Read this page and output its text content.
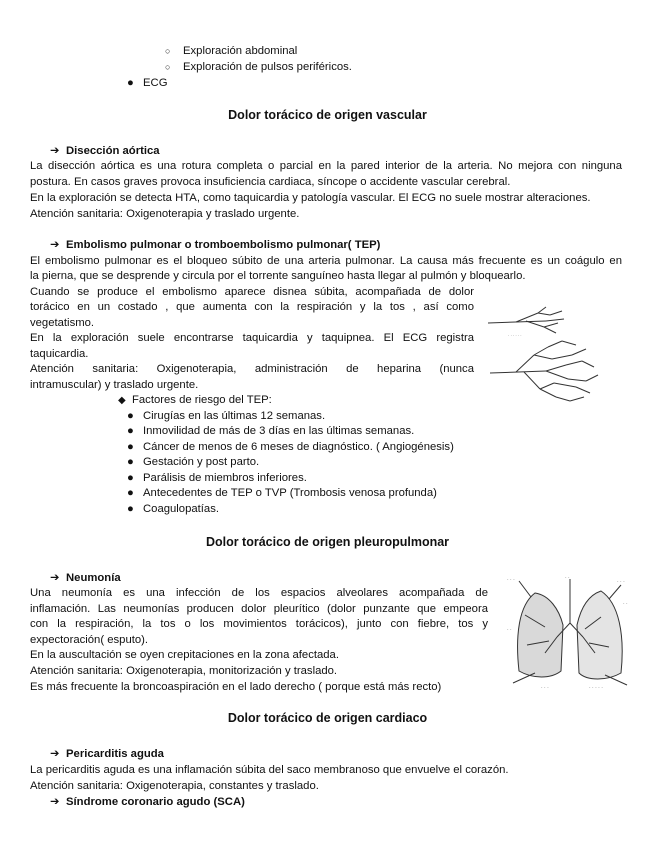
○ Exploración abdominal
○ Exploración de pulsos periféricos.
● ECG
Dolor torácico de origen vascular
➔ Disección aórtica
La disección aórtica es una rotura completa o parcial en la pared interior de la arteria. No mejora con ninguna
postura. En casos graves provoca insuficiencia cardiaca, síncope o accidente vascular cerebral.
En la exploración se detecta HTA, como taquicardia y patología vascular. El ECG no suele mostrar alteraciones.
Atención sanitaria: Oxigenoterapia y traslado urgente.
➔ Embolismo pulmonar o tromboembolismo pulmonar( TEP)
El embolismo pulmonar es el bloqueo súbito de una arteria pulmonar. La causa más frecuente es un coágulo en
la pierna, que se desprende y circula por el torrente sanguíneo hasta llegar al pulmón y bloquearlo.
Cuando se produce el embolismo aparece disnea súbita, acompañada de dolor
torácico en un costado , que aumenta con la respiración y la tos , así como
vegetatismo.
En la exploración suele encontrarse taquicardia y taquipnea. El ECG registra
taquicardia.
Atención sanitaria: Oxigenoterapia, administración de heparina (nunca
intramuscular) y traslado urgente.
· · · · · ·
◆ Factores de riesgo del TEP:
● Cirugías en las últimas 12 semanas.
● Inmovilidad de más de 3 días en las últimas semanas.
● Cáncer de menos de 6 meses de diagnóstico. ( Angiogénesis)
● Gestación y post parto.
● Parálisis de miembros inferiores.
● Antecedentes de TEP o TVP (Trombosis venosa profunda)
● Coagulopatías.
Dolor torácico de origen pleuropulmonar
➔ Neumonía
Una neumonía es una infección de los espacios alveolares acompañada de
inflamación. Las neumonías producen dolor pleurítico (dolor punzante que empeora
con la respiración, la tos o los movimientos torácicos), junto con fiebre, tos y
expectoración( esputo).
En la auscultación se oyen crepitaciones en la zona afectada.
Atención sanitaria: Oxigenoterapia, monitorización y traslado.
Es más frecuente la broncoaspiración en el lado derecho ( porque está más recto)
· · ·	· ·
· · ·
· ·
· ·
· · ·	· · · · ·
Dolor torácico de origen cardiaco
➔ Pericarditis aguda
La pericarditis aguda es una inflamación súbita del saco membranoso que envuelve el corazón.
Atención sanitaria: Oxigenoterapia, constantes y traslado.
➔ Síndrome coronario agudo (SCA)
